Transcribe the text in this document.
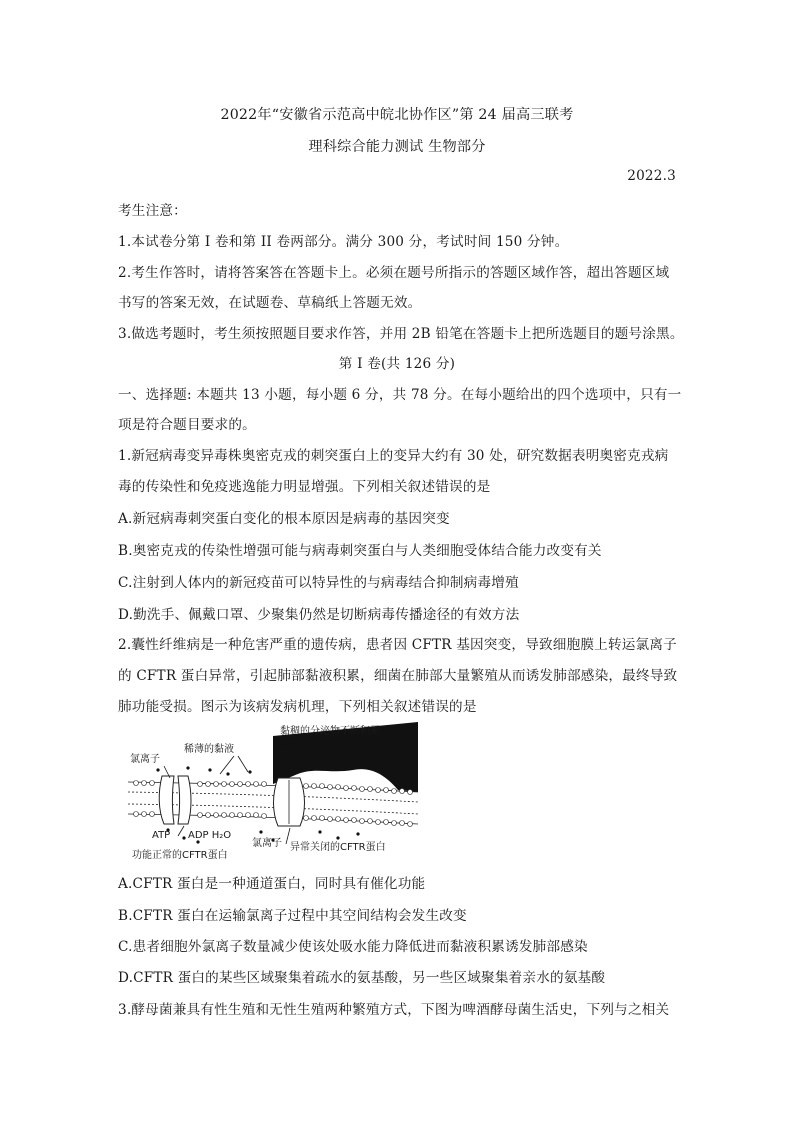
2022年“安徽省示范高中皖北协作区”第 24 届高三联考
理科综合能力测试 生物部分
2022.3
考生注意：
1.本试卷分第 I 卷和第 II 卷两部分。满分 300 分，考试时间 150 分钟。
2.考生作答时，请将答案答在答题卡上。必须在题号所指示的答题区域作答，超出答题区域
书写的答案无效，在试题卷、草稿纸上答题无效。
3.做选考题时，考生须按照题目要求作答，并用 2B 铅笔在答题卡上把所选题目的题号涂黑。
第 I 卷(共 126 分)
一、选择题: 本题共 13 小题，每小题 6 分，共 78 分。在每小题给出的四个选项中，只有一
项是符合题目要求的。
1.新冠病毒变异毒株奥密克戎的刺突蛋白上的变异大约有 30 处，研究数据表明奥密克戎病
毒的传染性和免疫逃逸能力明显增强。下列相关叙述错误的是
A.新冠病毒刺突蛋白变化的根本原因是病毒的基因突变
B.奥密克戎的传染性增强可能与病毒刺突蛋白与人类细胞受体结合能力改变有关
C.注射到人体内的新冠疫苗可以特异性的与病毒结合抑制病毒增殖
D.勤洗手、佩戴口罩、少聚集仍然是切断病毒传播途径的有效方法
2.囊性纤维病是一种危害严重的遗传病，患者因 CFTR 基因突变，导致细胞膜上转运氯离子
的 CFTR 蛋白异常，引起肺部黏液积累，细菌在肺部大量繁殖从而诱发肺部感染，最终导致
肺功能受损。图示为该病发病机理，下列相关叙述错误的是
黏稠的分泌物不断积累
稀薄的黏液
氯离子
ATP ADP H₂O
氯离子
功能正常的CFTR蛋白
异常关闭的CFTR蛋白
A.CFTR 蛋白是一种通道蛋白，同时具有催化功能
B.CFTR 蛋白在运输氯离子过程中其空间结构会发生改变
C.患者细胞外氯离子数量减少使该处吸水能力降低进而黏液积累诱发肺部感染
D.CFTR 蛋白的某些区域聚集着疏水的氨基酸，另一些区域聚集着亲水的氨基酸
3.酵母菌兼具有性生殖和无性生殖两种繁殖方式，下图为啤酒酵母菌生活史，下列与之相关
